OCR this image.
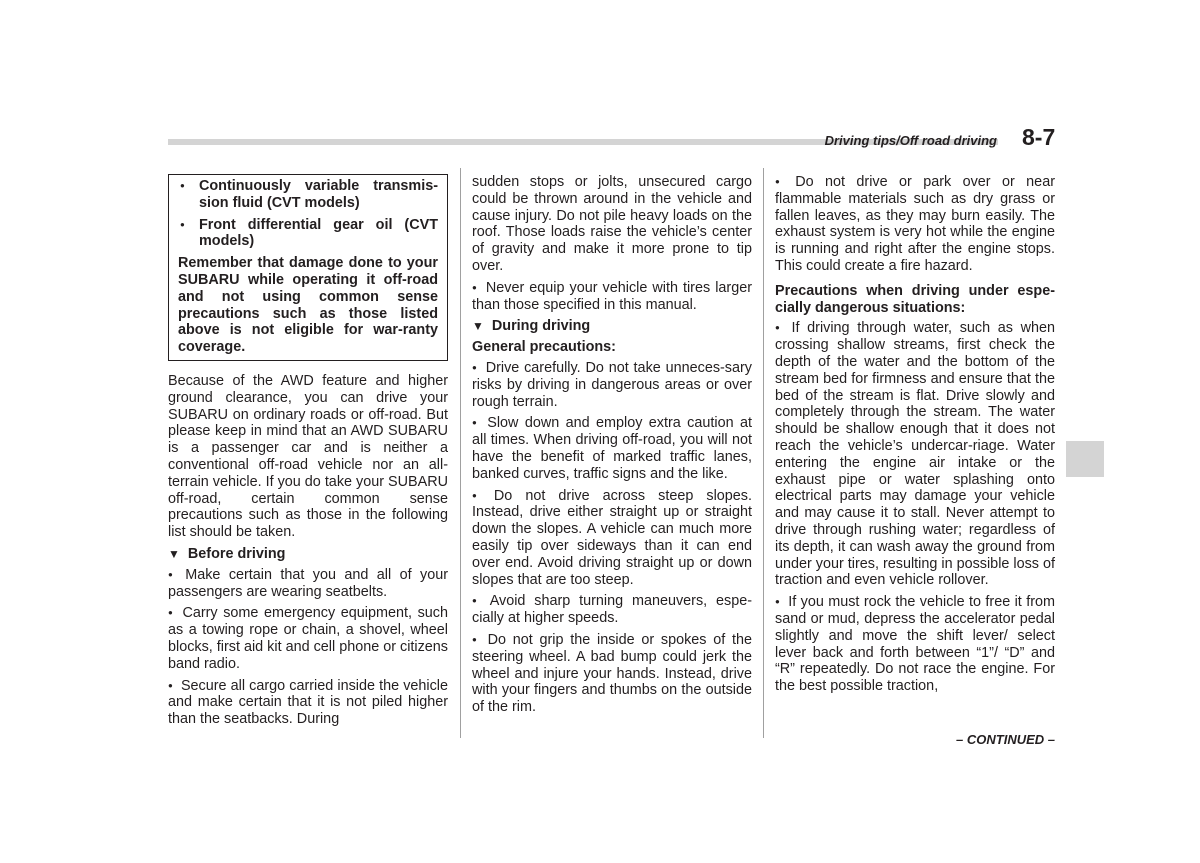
Driving tips/Off road driving 8-7
● Continuously variable transmis-sion fluid (CVT models)
● Front differential gear oil (CVT models)
Remember that damage done to your SUBARU while operating it off-road and not using common sense precautions such as those listed above is not eligible for war-ranty coverage.

Because of the AWD feature and higher ground clearance, you can drive your SUBARU on ordinary roads or off-road. But please keep in mind that an AWD SUBARU is a passenger car and is neither a conventional off-road vehicle nor an all-terrain vehicle. If you do take your SUBARU off-road, certain common sense precautions such as those in the following list should be taken.

▼ Before driving

● Make certain that you and all of your passengers are wearing seatbelts.

● Carry some emergency equipment, such as a towing rope or chain, a shovel, wheel blocks, first aid kit and cell phone or citizens band radio.

● Secure all cargo carried inside the vehicle and make certain that it is not piled higher than the seatbacks. During

sudden stops or jolts, unsecured cargo could be thrown around in the vehicle and cause injury. Do not pile heavy loads on the roof. Those loads raise the vehicle’s center of gravity and make it more prone to tip over.

● Never equip your vehicle with tires larger than those specified in this manual.

▼ During driving
General precautions:

● Drive carefully. Do not take unneces-sary risks by driving in dangerous areas or over rough terrain.

● Slow down and employ extra caution at all times. When driving off-road, you will not have the benefit of marked traffic lanes, banked curves, traffic signs and the like.

● Do not drive across steep slopes. Instead, drive either straight up or straight down the slopes. A vehicle can much more easily tip over sideways than it can end over end. Avoid driving straight up or down slopes that are too steep.

● Avoid sharp turning maneuvers, espe-cially at higher speeds.

● Do not grip the inside or spokes of the steering wheel. A bad bump could jerk the wheel and injure your hands. Instead, drive with your fingers and thumbs on the outside of the rim.

● Do not drive or park over or near flammable materials such as dry grass or fallen leaves, as they may burn easily. The exhaust system is very hot while the engine is running and right after the engine stops. This could create a fire hazard.

Precautions when driving under espe-cially dangerous situations:

● If driving through water, such as when crossing shallow streams, first check the depth of the water and the bottom of the stream bed for firmness and ensure that the bed of the stream is flat. Drive slowly and completely through the stream. The water should be shallow enough that it does not reach the vehicle’s undercar-riage. Water entering the engine air intake or the exhaust pipe or water splashing onto electrical parts may damage your vehicle and may cause it to stall. Never attempt to drive through rushing water; regardless of its depth, it can wash away the ground from under your tires, resulting in possible loss of traction and even vehicle rollover.

● If you must rock the vehicle to free it from sand or mud, depress the accelerator pedal slightly and move the shift lever/ select lever back and forth between “1”/ “D” and “R” repeatedly. Do not race the engine. For the best possible traction,

– CONTINUED –
